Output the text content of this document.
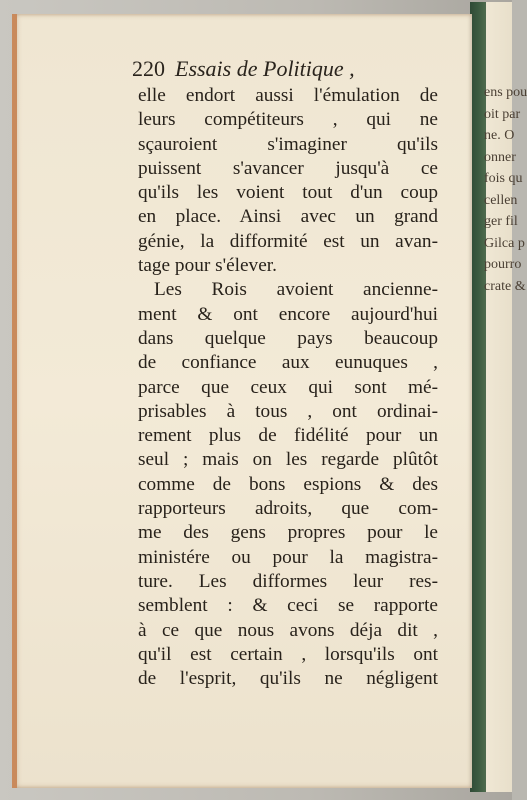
ens pou
oit par
ne. O
onner
fois qu
cellen
ger fil
Gilca p
pourro
crate &
220 Essais de Politique ,
elle endort aussi l'émulation de
leurs compétiteurs , qui ne
sçauroient s'imaginer qu'ils
puissent s'avancer jusqu'à ce
qu'ils les voient tout d'un coup
en place. Ainsi avec un grand
génie, la difformité est un avan-
tage pour s'élever.
Les Rois avoient ancienne-
ment & ont encore aujourd'hui
dans quelque pays beaucoup
de confiance aux eunuques ,
parce que ceux qui sont mé-
prisables à tous , ont ordinai-
rement plus de fidélité pour un
seul ; mais on les regarde plûtôt
comme de bons espions & des
rapporteurs adroits, que com-
me des gens propres pour le
ministére ou pour la magistra-
ture. Les difformes leur res-
semblent : & ceci se rapporte
à ce que nous avons déja dit ,
qu'il est certain , lorsqu'ils ont
de l'esprit, qu'ils ne négligent
